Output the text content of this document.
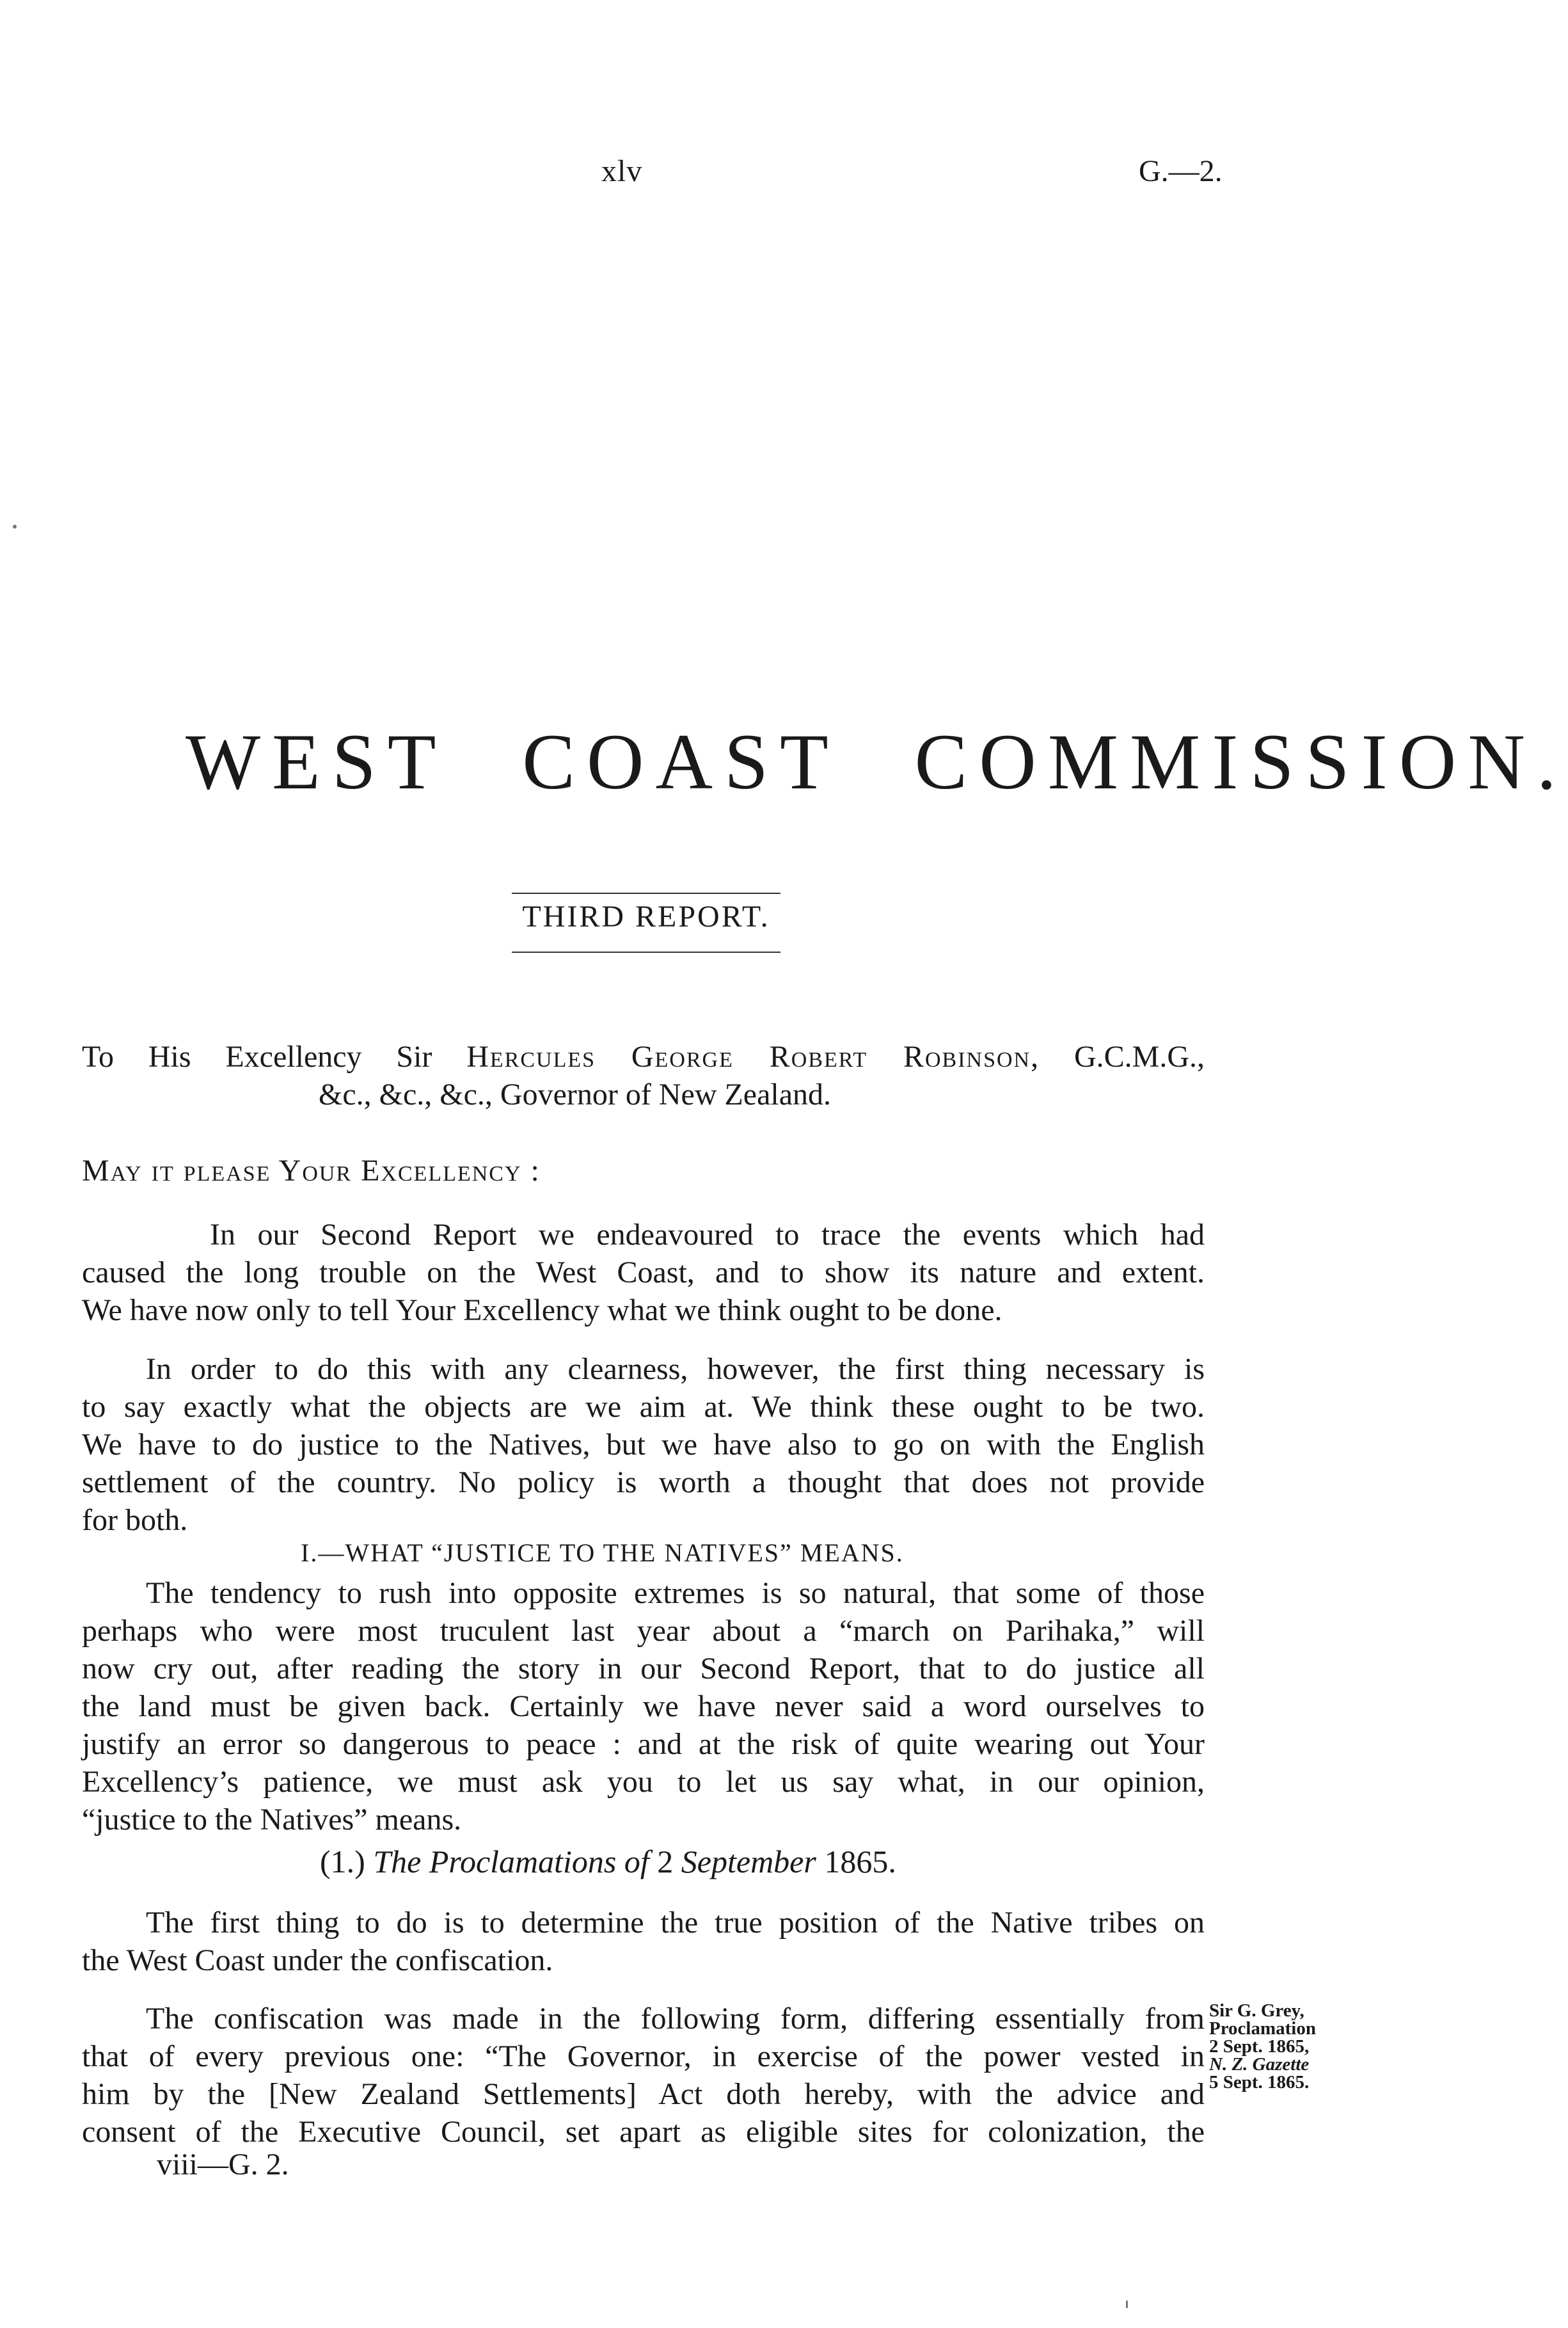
xlv	G.—2.
WEST COAST COMMISSION.
THIRD REPORT.
To His Excellency Sir Hercules George Robert Robinson, G.C.M.G.,
&c., &c., &c., Governor of New Zealand.
May it please Your Excellency :
In our Second Report we endeavoured to trace the events which had
caused the long trouble on the West Coast, and to show its nature and extent.
We have now only to tell Your Excellency what we think ought to be done.
In order to do this with any clearness, however, the first thing necessary is
to say exactly what the objects are we aim at. We think these ought to be two.
We have to do justice to the Natives, but we have also to go on with the English
settlement of the country. No policy is worth a thought that does not provide
for both.
I.—WHAT “JUSTICE TO THE NATIVES” MEANS.
The tendency to rush into opposite extremes is so natural, that some of those
perhaps who were most truculent last year about a “march on Parihaka,” will
now cry out, after reading the story in our Second Report, that to do justice all
the land must be given back. Certainly we have never said a word ourselves to
justify an error so dangerous to peace : and at the risk of quite wearing out Your
Excellency’s patience, we must ask you to let us say what, in our opinion,
“justice to the Natives” means.
(1.) The Proclamations of 2 September 1865.
The first thing to do is to determine the true position of the Native tribes on
the West Coast under the confiscation.
The confiscation was made in the following form, differing essentially from
that of every previous one: “The Governor, in exercise of the power vested in
him by the [New Zealand Settlements] Act doth hereby, with the advice and
consent of the Executive Council, set apart as eligible sites for colonization, the
Sir G. Grey,
Proclamation
2 Sept. 1865,
N. Z. Gazette
5 Sept. 1865.
viii—G. 2.
